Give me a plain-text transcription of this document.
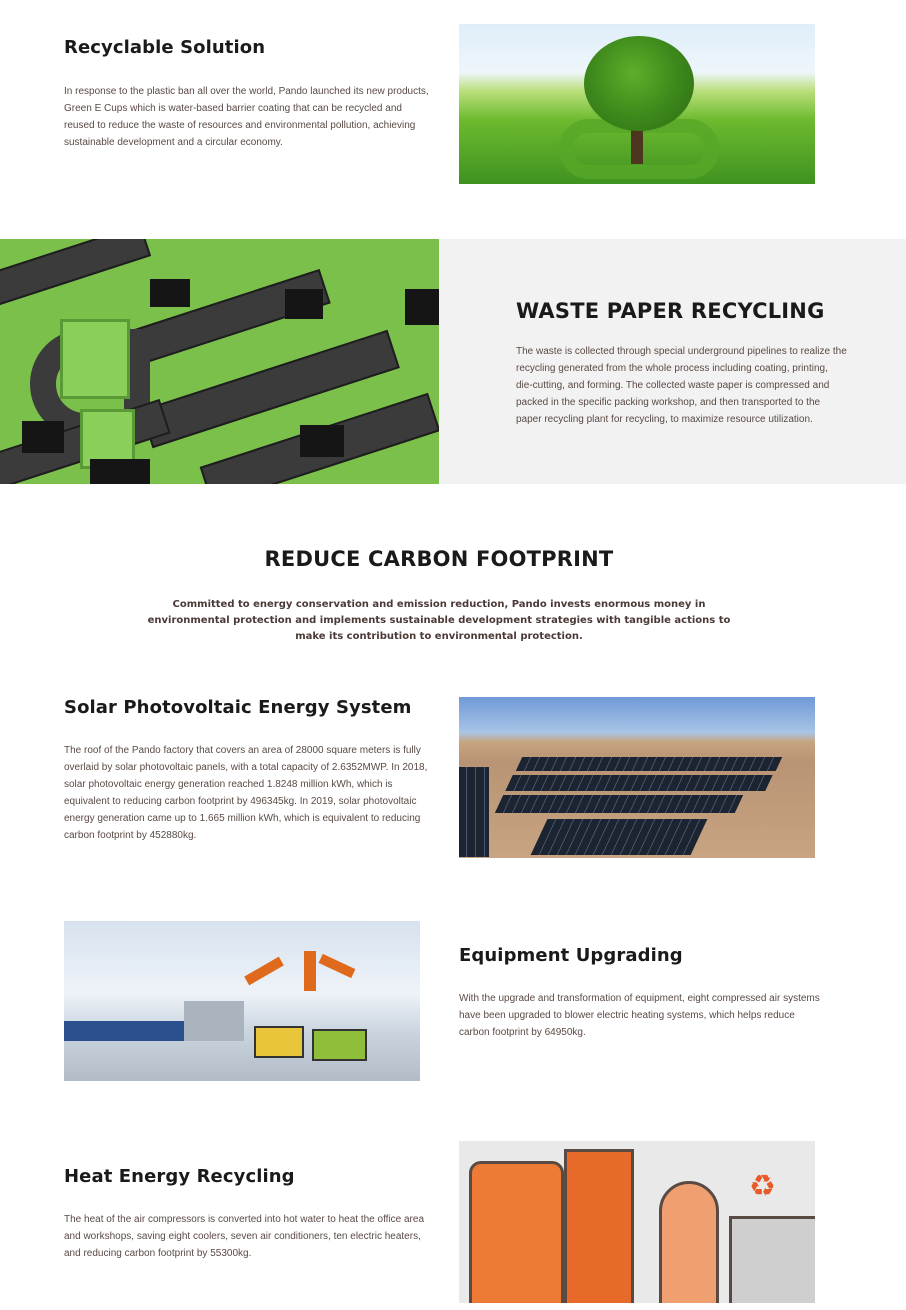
Recyclable Solution
In response to the plastic ban all over the world, Pando launched its new products,
Green E Cups which is water-based barrier coating that can be recycled and
reused to reduce the waste of resources and environmental pollution, achieving
sustainable development and a circular economy.
WASTE PAPER RECYCLING
The waste is collected through special underground pipelines to realize the
recycling generated from the whole process including coating, printing,
die-cutting, and forming. The collected waste paper is compressed and
packed in the specific packing workshop, and then transported to the
paper recycling plant for recycling, to maximize resource utilization.
REDUCE CARBON FOOTPRINT
Committed to energy conservation and emission reduction, Pando invests enormous money in
environmental protection and implements sustainable development strategies with tangible actions to
make its contribution to environmental protection.
Solar Photovoltaic Energy System
The roof of the Pando factory that covers an area of 28000 square meters is fully
overlaid by solar photovoltaic panels, with a total capacity of 2.6352MWP. In 2018,
solar photovoltaic energy generation reached 1.8248 million kWh, which is
equivalent to reducing carbon footprint by 496345kg. In 2019, solar photovoltaic
energy generation came up to 1.665 million kWh, which is equivalent to reducing
carbon footprint by 452880kg.
Equipment Upgrading
With the upgrade and transformation of equipment, eight compressed air systems
have been upgraded to blower electric heating systems, which helps reduce
carbon footprint by 64950kg.
Heat Energy Recycling
The heat of the air compressors is converted into hot water to heat the office area
and workshops, saving eight coolers, seven air conditioners, ten electric heaters,
and reducing carbon footprint by 55300kg.
♻
